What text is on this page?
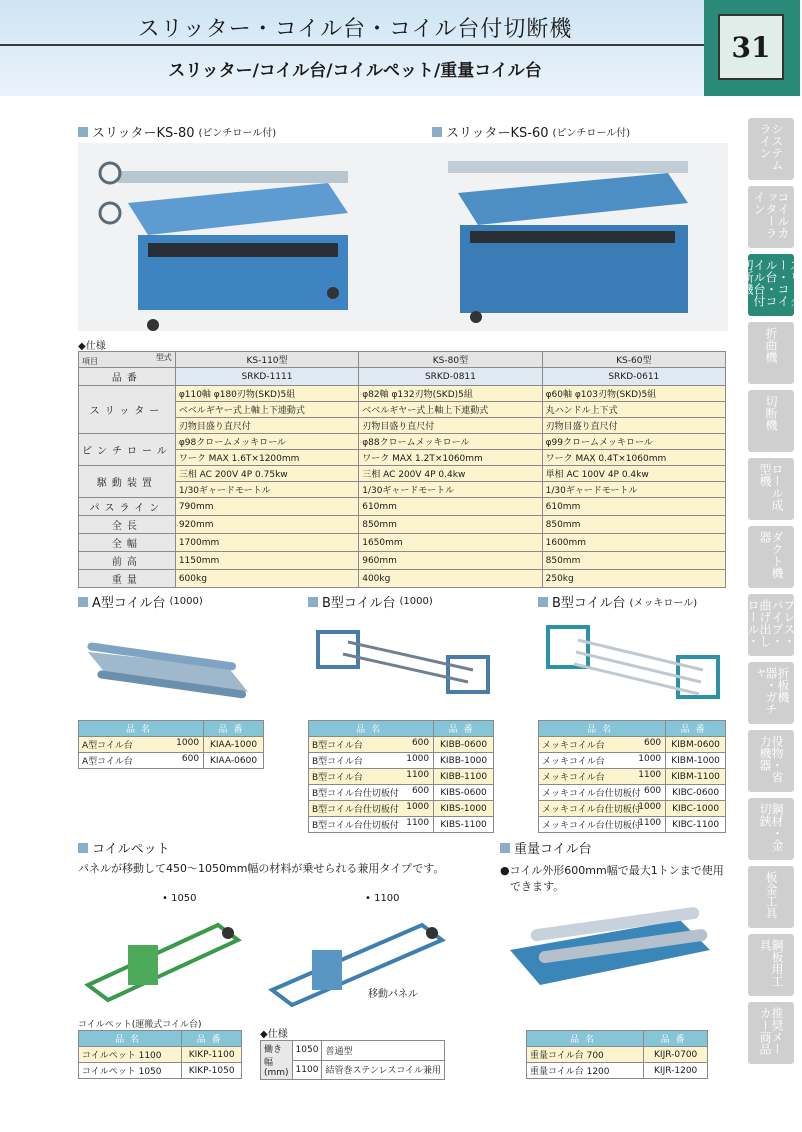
スリッター・コイル台・コイル台付切断機
スリッター/コイル台/コイルペット/重量コイル台
31
システムライン
コイルカッターライン
スリッター・コイル台・コイル台付切断機
折曲機
切断機
ロール成型機
ダクト機器
プレス・パイプ・曲げ出しロール・
折板機器・ガチャ
役物・省力機器
鋼材・金切鋏
板金工具
鋼板用工具
推奨メーカー商品
スリッターKS-80 (ピンチロール付)	スリッターKS-60 (ピンチロール付)
◆仕様
型式
項目	KS-110型	KS-80型	KS-60型
品番	SRKD-1111	SRKD-0811	SRKD-0611
スリッター	φ110軸 φ180刃物(SKD)5組	φ82軸 φ132刃物(SKD)5組	φ60軸 φ103刃物(SKD)5組
	ベベルギヤー式上軸上下連動式	ベベルギヤー式上軸上下連動式	丸ハンドル上下式
	刃物目盛り直尺付	刃物目盛り直尺付	刃物目盛り直尺付
ピンチロール	φ98クロームメッキロール	φ88クロームメッキロール	φ99クロームメッキロール
	ワーク MAX 1.6T×1200mm	ワーク MAX 1.2T×1060mm	ワーク MAX 0.4T×1060mm
駆動装置	三相 AC 200V 4P 0.75kw	三相 AC 200V 4P 0.4kw	単相 AC 100V 4P 0.4kw
	1/30ギャードモートル	1/30ギャードモートル	1/30ギャードモートル
パスライン	790mm	610mm	610mm
全長	920mm	850mm	850mm
全幅	1700mm	1650mm	1600mm
前高	1150mm	960mm	850mm
重量	600kg	400kg	250kg
A型コイル台 (1000)	B型コイル台 (1000)	B型コイル台 (メッキロール)
品名	品番
A型コイル台 1000	KIAA-1000
A型コイル台 600	KIAA-0600
品名	品番
B型コイル台 600	KIBB-0600
B型コイル台 1000	KIBB-1000
B型コイル台 1100	KIBB-1100
B型コイル台仕切板付 600	KIBS-0600
B型コイル台仕切板付 1000	KIBS-1000
B型コイル台仕切板付 1100	KIBS-1100
品名	品番
メッキコイル台 600	KIBM-0600
メッキコイル台 1000	KIBM-1000
メッキコイル台 1100	KIBM-1100
メッキコイル台仕切板付 600	KIBC-0600
メッキコイル台仕切板付
1000	KIBC-1000
メッキコイル台仕切板付
1100	KIBC-1100
コイルペット
パネルが移動して450〜1050mm幅の材料が乗せられる兼用タイプです。
• 1050	• 1100
移動パネル
コイルペット(運搬式コイル台)
品名	品番
コイルペット 1100	KIKP-1100
コイルペット 1050	KIKP-1050
◆仕様
働き幅(mm)	1050	普通型
	1100	結管巻ステンレスコイル兼用
重量コイル台
●コイル外形600mm幅で最大1トンまで使用
できます。
品名	品番
重量コイル台 700	KIJR-0700
重量コイル台 1200	KIJR-1200
